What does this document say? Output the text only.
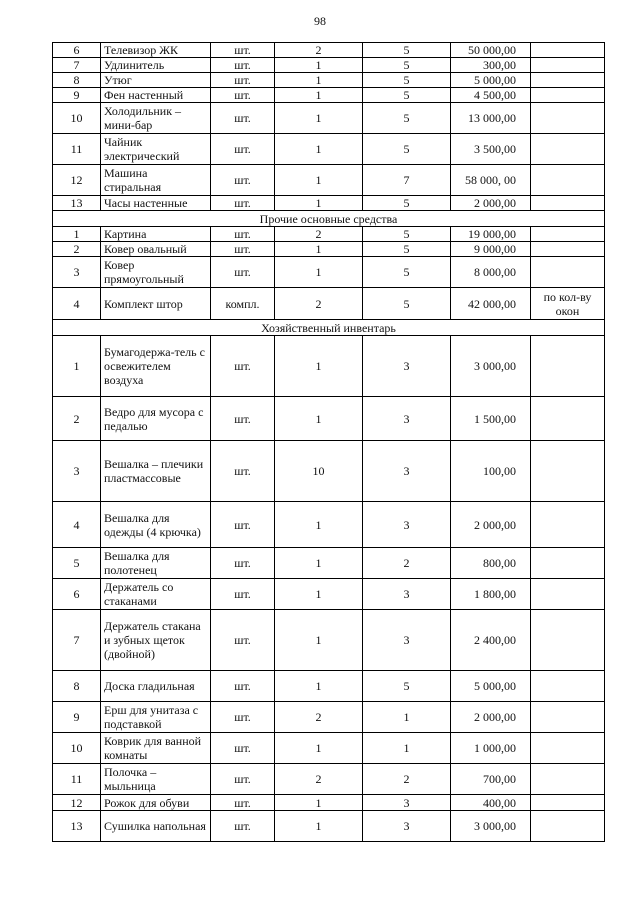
98
6	Телевизор ЖК	шт.	2	5	50 000,00	
7	Удлинитель	шт.	1	5	300,00	
8	Утюг	шт.	1	5	5 000,00	
9	Фен настенный	шт.	1	5	4 500,00	
10	Холодильник – мини-бар	шт.	1	5	13 000,00	
11	Чайник электрический	шт.	1	5	3 500,00	
12	Машина стиральная	шт.	1	7	58 000, 00	
13	Часы настенные	шт.	1	5	2 000,00	
Прочие основные средства						
1	Картина	шт.	2	5	19 000,00	
2	Ковер овальный	шт.	1	5	9 000,00	
3	Ковер прямоугольный	шт.	1	5	8 000,00	
4	Комплект штор	компл.	2	5	42 000,00	по кол-ву окон
Хозяйственный инвентарь						
1	Бумагодержа-тель с освежителем воздуха	шт.	1	3	3 000,00	
2	Ведро для мусора с педалью	шт.	1	3	1 500,00	
3	Вешалка – плечики пластмассовые	шт.	10	3	100,00	
4	Вешалка для одежды (4 крючка)	шт.	1	3	2 000,00	
5	Вешалка для полотенец	шт.	1	2	800,00	
6	Держатель со стаканами	шт.	1	3	1 800,00	
7	Держатель стакана и зубных щеток (двойной)	шт.	1	3	2 400,00	
8	Доска гладильная	шт.	1	5	5 000,00	
9	Ерш для унитаза с подставкой	шт.	2	1	2 000,00	
10	Коврик для ванной комнаты	шт.	1	1	1 000,00	
11	Полочка – мыльница	шт.	2	2	700,00	
12	Рожок для обуви	шт.	1	3	400,00	
13	Сушилка напольная	шт.	1	3	3 000,00	
